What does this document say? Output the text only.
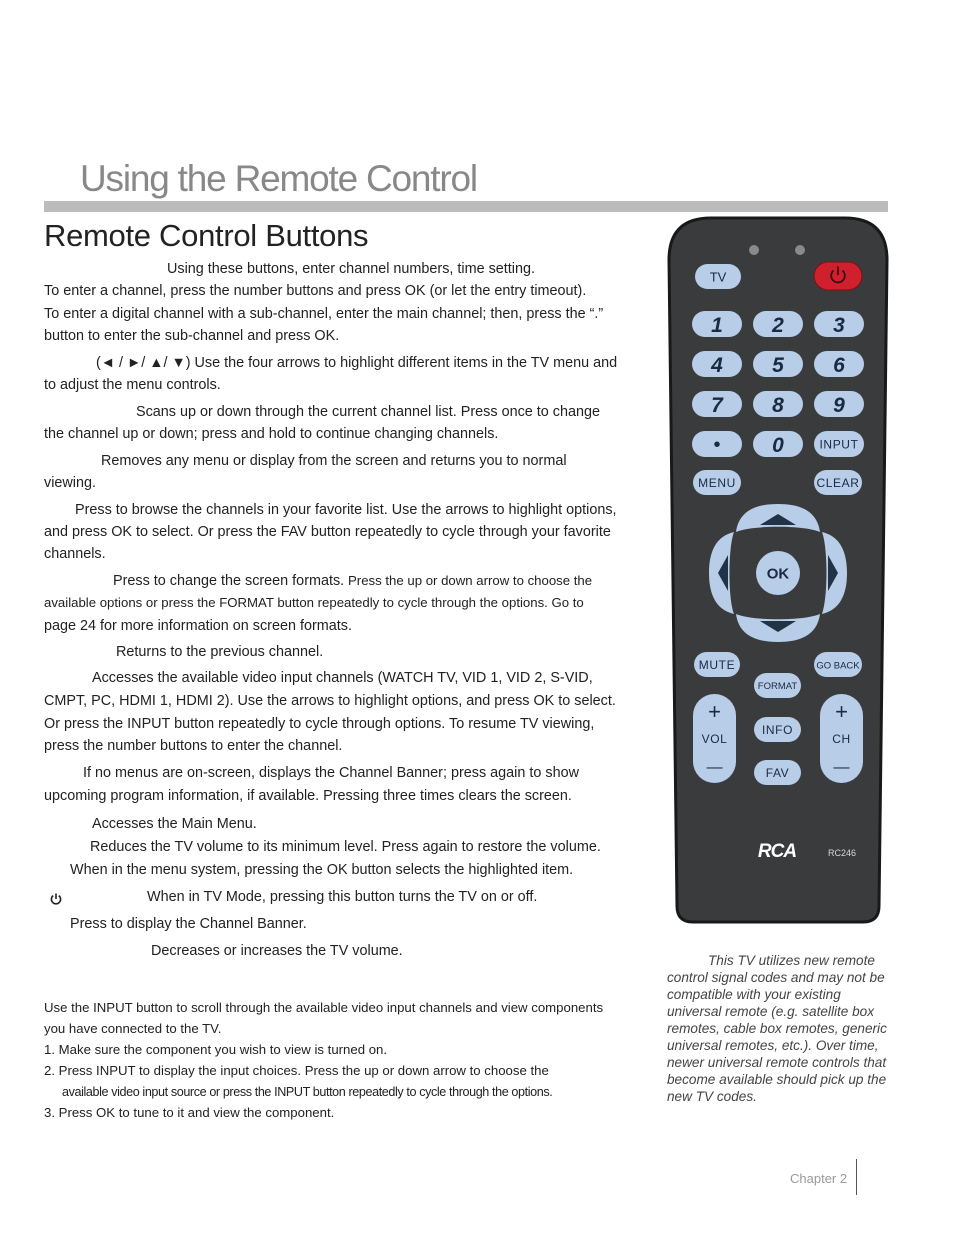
Using the Remote Control
Remote Control Buttons
Using these buttons, enter channel numbers, time setting.
To enter a channel, press the number buttons and press OK (or let the entry timeout).
To enter a digital channel with a sub-channel, enter the main channel; then, press the “.”
button to enter the sub-channel and press OK.
(◄ / ►/ ▲/ ▼) Use the four arrows to highlight different items in the TV menu and
to adjust the menu controls.
Scans up or down through the current channel list. Press once to change
the channel up or down; press and hold to continue changing channels.
Removes any menu or display from the screen and returns you to normal
viewing.
Press to browse the channels in your favorite list. Use the arrows to highlight options,
and press OK to select. Or press the FAV button repeatedly to cycle through your favorite
channels.
Press to change the screen formats. Press the up or down arrow to choose the
available options or press the FORMAT button repeatedly to cycle through the options. Go to
page 24 for more information on screen formats.
Returns to the previous channel.
Accesses the available video input channels (WATCH TV, VID 1, VID 2, S-VID,
CMPT, PC, HDMI 1, HDMI 2). Use the arrows to highlight options, and press OK to select.
Or press the INPUT button repeatedly to cycle through options. To resume TV viewing,
press the number buttons to enter the channel.
If no menus are on-screen, displays the Channel Banner; press again to show
upcoming program information, if available. Pressing three times clears the screen.
Accesses the Main Menu.
Reduces the TV volume to its minimum level. Press again to restore the volume.
When in the menu system, pressing the OK button selects the highlighted item.
When in TV Mode, pressing this button turns the TV on or off.
Press to display the Channel Banner.
Decreases or increases the TV volume.
Use the INPUT button to scroll through the available video input channels and view components
you have connected to the TV.
1. Make sure the component you wish to view is turned on.
2. Press INPUT to display the input choices. Press the up or down arrow to choose the
available video input source or press the INPUT button repeatedly to cycle through the options.
3. Press OK to tune to it and view the component.
This TV utilizes new remote
control signal codes and may not be
compatible with your existing
universal remote (e.g. satellite box
remotes, cable box remotes, generic
universal remotes, etc.). Over time,
newer universal remote controls that
become available should pick up the
new TV codes.
Chapter 2
TV
1 2 3
4 5 6
7 8 9
• 0	INPUT
MENU	CLEAR
OK
MUTE	GO BACK
FORMAT
+
VOL
—
INFO
+
CH
—
FAV
RCA	RC246
